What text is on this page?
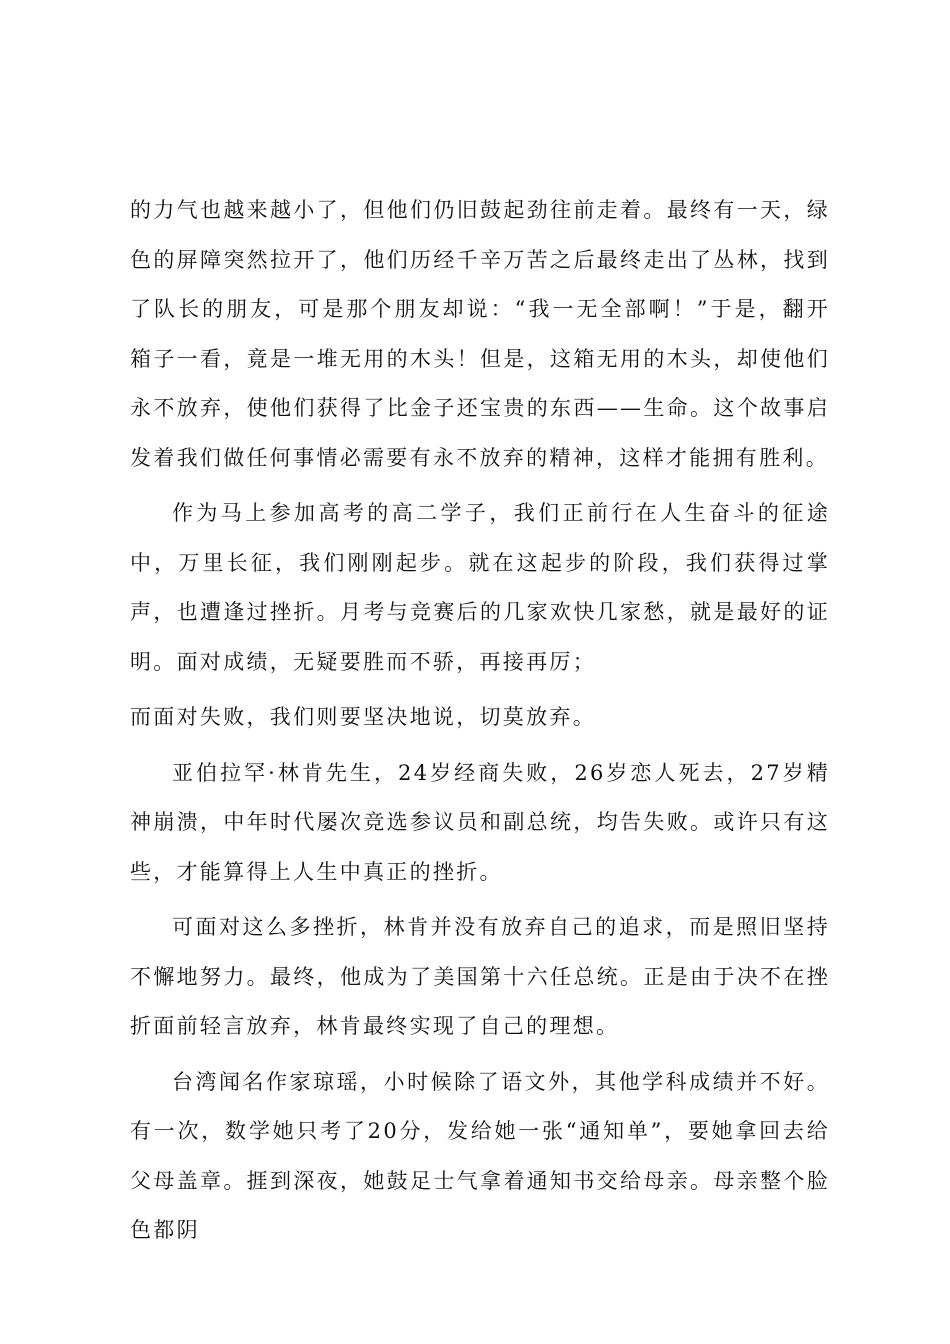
的力气也越来越小了，但他们仍旧鼓起劲往前走着。最终有一天，绿色的屏障突然拉开了，他们历经千辛万苦之后最终走出了丛林，找到了队长的朋友，可是那个朋友却说：“我一无全部啊！”于是，翻开箱子一看，竟是一堆无用的木头！但是，这箱无用的木头，却使他们永不放弃，使他们获得了比金子还宝贵的东西——生命。这个故事启发着我们做任何事情必需要有永不放弃的精神，这样才能拥有胜利。

作为马上参加高考的高二学子，我们正前行在人生奋斗的征途中，万里长征，我们刚刚起步。就在这起步的阶段，我们获得过掌声，也遭逢过挫折。月考与竞赛后的几家欢快几家愁，就是最好的证明。面对成绩，无疑要胜而不骄，再接再厉；

而面对失败，我们则要坚决地说，切莫放弃。

亚伯拉罕·林肯先生，24岁经商失败，26岁恋人死去，27岁精神崩溃，中年时代屡次竞选参议员和副总统，均告失败。或许只有这些，才能算得上人生中真正的挫折。

可面对这么多挫折，林肯并没有放弃自己的追求，而是照旧坚持不懈地努力。最终，他成为了美国第十六任总统。正是由于决不在挫折面前轻言放弃，林肯最终实现了自己的理想。

台湾闻名作家琼瑶，小时候除了语文外，其他学科成绩并不好。有一次，数学她只考了20分，发给她一张“通知单”，要她拿回去给父母盖章。捱到深夜，她鼓足士气拿着通知书交给母亲。母亲整个脸色都阴
